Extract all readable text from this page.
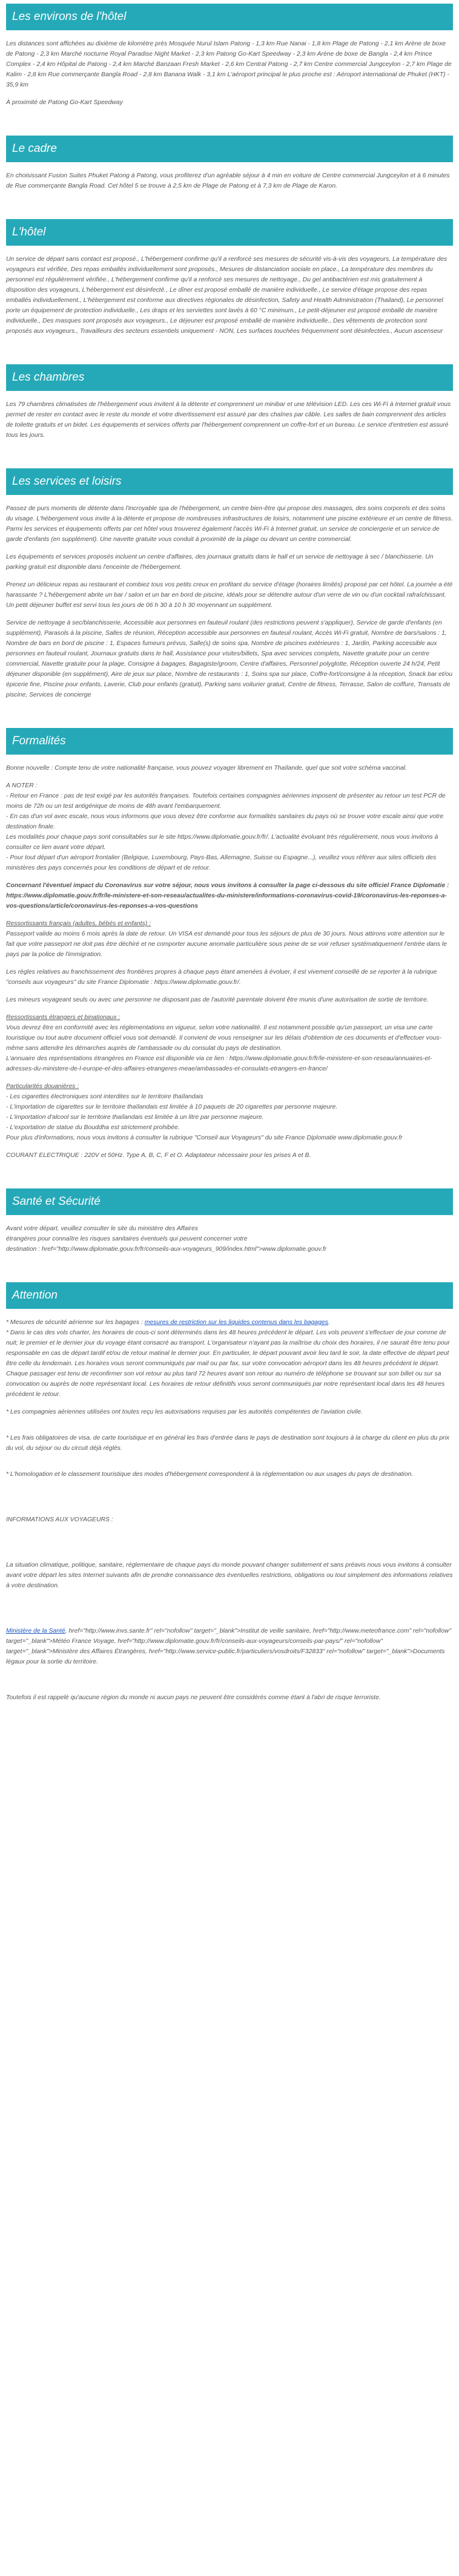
Les environs de l'hôtel

Les distances sont affichées au dixième de kilomètre près Mosquée Nurul Islam Patong - 1,3 km Rue Nanai - 1,8 km Plage de Patong - 2,1 km Arène de boxe de Patong - 2,3 km Marché nocturne Royal Paradise Night Market - 2,3 km Patong Go-Kart Speedway - 2,3 km Arène de boxe de Bangla - 2,4 km Prince Complex - 2,4 km Hôpital de Patong - 2,4 km Marché Banzaan Fresh Market - 2,6 km Central Patong - 2,7 km Centre commercial Jungceylon - 2,7 km Plage de Kalim - 2,8 km Rue commerçante Bangla Road - 2,8 km Banana Walk - 3,1 km L'aéroport principal le plus proche est : Aéroport international de Phuket (HKT) - 35,9 km

À proximité de Patong Go-Kart Speedway

Le cadre

En choisissant Fusion Suites Phuket Patong à Patong, vous profiterez d'un agréable séjour à 4 min en voiture de Centre commercial Jungceylon et à 6 minutes de Rue commerçante Bangla Road. Cet hôtel 5 se trouve à 2,5 km de Plage de Patong et à 7,3 km de Plage de Karon.

L'hôtel

Un service de départ sans contact est proposé., L'hébergement confirme qu'il a renforcé ses mesures de sécurité vis-à-vis des voyageurs, La température des voyageurs est vérifiée, Des repas emballés individuellement sont proposés., Mesures de distanciation sociale en place., La température des membres du personnel est régulièrement vérifiée., L'hébergement confirme qu'il a renforcé ses mesures de nettoyage., Du gel antibactérien est mis gratuitement à disposition des voyageurs, L'hébergement est désinfecté., Le dîner est proposé emballé de manière individuelle., Le service d'étage propose des repas emballés individuellement., L'hébergement est conforme aux directives régionales de désinfection, Safety and Health Administration (Thailand), Le personnel porte un équipement de protection individuelle., Les draps et les serviettes sont lavés à 60 °C minimum., Le petit-déjeuner est proposé emballé de manière individuelle., Des masques sont proposés aux voyageurs., Le déjeuner est proposé emballé de manière individuelle., Des vêtements de protection sont proposés aux voyageurs., Travailleurs des secteurs essentiels uniquement - NON, Les surfaces touchées fréquemment sont désinfectées., Aucun ascenseur

Les chambres

Les 79 chambres climatisées de l'hébergement vous invitent à la détente et comprennent un minibar et une télévision LED. Les ces Wi-Fi à Internet gratuit vous permet de rester en contact avec le reste du monde et votre divertissement est assuré par des chaînes par câble. Les salles de bain comprennent des articles de toilette gratuits et un bidet. Les équipements et services offerts par l'hébergement comprennent un coffre-fort et un bureau. Le service d'entretien est assuré tous les jours.

Les services et loisirs

Passez de purs moments de détente dans l'incroyable spa de l'hébergement, un centre bien-être qui propose des massages, des soins corporels et des soins du visage. L'hébergement vous invite à la détente et propose de nombreuses infrastructures de loisirs, notamment une piscine extérieure et un centre de fitness. Parmi les services et équipements offerts par cet hôtel vous trouverez également l'accès Wi-Fi à Internet gratuit, un service de conciergerie et un service de garde d'enfants (en supplément). Une navette gratuite vous conduit à proximité de la plage ou devant un centre commercial.

Les équipements et services proposés incluent un centre d'affaires, des journaux gratuits dans le hall et un service de nettoyage à sec / blanchisserie. Un parking gratuit est disponible dans l'enceinte de l'hébergement.

Prenez un délicieux repas au restaurant et combiez tous vos petits creux en profitant du service d'étage (horaires limités) proposé par cet hôtel. La journée a été harassante ? L'hébergement abrite un bar / salon et un bar en bord de piscine, idéals pour se détendre autour d'un verre de vin ou d'un cocktail rafraîchissant. Un petit déjeuner buffet est servi tous les jours de 06 h 30 à 10 h 30 moyennant un supplément.

Service de nettoyage à sec/blanchisserie, Accessible aux personnes en fauteuil roulant (des restrictions peuvent s'appliquer), Service de garde d'enfants (en supplément), Parasols à la piscine, Salles de réunion, Réception accessible aux personnes en fauteuil roulant, Accès Wi-Fi gratuit, Nombre de bars/salons : 1, Nombre de bars en bord de piscine : 1, Espaces fumeurs prévus, Salle(s) de soins spa, Nombre de piscines extérieures : 1, Jardin, Parking accessible aux personnes en fauteuil roulant, Journaux gratuits dans le hall, Assistance pour visites/billets, Spa avec services complets, Navette gratuite pour un centre commercial, Navette gratuite pour la plage, Consigne à bagages, Bagagiste/groom, Centre d'affaires, Personnel polyglotte, Réception ouverte 24 h/24, Petit déjeuner disponible (en supplément), Aire de jeux sur place, Nombre de restaurants : 1, Soins spa sur place, Coffre-fort/consigne à la réception, Snack bar et/ou épicerie fine, Piscine pour enfants, Laverie, Club pour enfants (gratuit), Parking sans voiturier gratuit, Centre de fitness, Terrasse, Salon de coiffure, Transats de piscine, Services de concierge

Formalités

Bonne nouvelle : Compte tenu de votre nationalité française, vous pouvez voyager librement en Thaïlande, quel que soit votre schéma vaccinal.

A NOTER :
- Retour en France : pas de test exigé par les autorités françaises. Toutefois certaines compagnies aériennes imposent de présenter au retour un test PCR de moins de 72h ou un test antigénique de moins de 48h avant l'embarquement.
- En cas d'un vol avec escale, nous vous informons que vous devez être conforme aux formalités sanitaires du pays où se trouve votre escale ainsi que votre destination finale.
Les modalités pour chaque pays sont consultables sur le site https://www.diplomatie.gouv.fr/fr/. L'actualité évoluant très régulièrement, nous vous invitons à consulter ce lien avant votre départ.
- Pour tout départ d'un aéroport frontalier (Belgique, Luxembourg, Pays-Bas, Allemagne, Suisse ou Espagne...), veuillez vous référer aux sites officiels des ministères des pays concernés pour les conditions de départ et de retour.

Concernant l'éventuel impact du Coronavirus sur votre séjour, nous vous invitons à consulter la page ci-dessous du site officiel France Diplomatie : https://www.diplomatie.gouv.fr/fr/le-ministere-et-son-reseau/actualites-du-ministere/informations-coronavirus-covid-19/coronavirus-les-reponses-a-vos-questions/article/coronavirus-les-reponses-a-vos-questions

Ressortissants français (adultes, bébés et enfants) :
Passeport valide au moins 6 mois après la date de retour. Un VISA est demandé pour tous les séjours de plus de 30 jours. Nous attirons votre attention sur le fait que votre passeport ne doit pas être déchiré et ne comporter aucune anomalie particulière sous peine de se voir refuser systématiquement l'entrée dans le pays par la police de l'immigration.

Les règles relatives au franchissement des frontières propres à chaque pays étant amenées à évoluer, il est vivement conseillé de se reporter à la rubrique "conseils aux voyageurs" du site France Diplomatie : https://www.diplomatie.gouv.fr/.

Les mineurs voyageant seuls ou avec une personne ne disposant pas de l'autorité parentale doivent être munis d'une autorisation de sortie de territoire.

Ressortissants étrangers et binationaux :
Vous devrez être en conformité avec les réglementations en vigueur, selon votre nationalité. Il est notamment possible qu'un passeport, un visa une carte touristique ou tout autre document officiel vous soit demandé. Il convient de vous renseigner sur les délais d'obtention de ces documents et d'effectuer vous-même sans attendre les démarches auprès de l'ambassade ou du consulat du pays de destination.
L'annuaire des représentations étrangères en France est disponible via ce lien : https://www.diplomatie.gouv.fr/fr/le-ministere-et-son-reseau/annuaires-et-adresses-du-ministere-de-l-europe-et-des-affaires-etrangeres-meae/ambassades-et-consulats-etrangers-en-france/

Particularités douanières :
- Les cigarettes électroniques sont interdites sur le territoire thaïlandais
- L'importation de cigarettes sur le territoire thaïlandais est limitée à 10 paquets de 20 cigarettes par personne majeure.
- L'importation d'alcool sur le territoire thaïlandais est limitée à un litre par personne majeure.
- L'exportation de statue du Bouddha est strictement prohibée.
Pour plus d'informations, nous vous invitons à consulter la rubrique "Conseil aux Voyageurs" du site France Diplomatie www.diplomatie.gouv.fr

COURANT ELECTRIQUE : 220V et 50Hz. Type A, B, C, F et O. Adaptateur nécessaire pour les prises A et B.

Santé et Sécurité

Avant votre départ, veuillez consulter le site du ministère des Affaires
étrangères pour connaître les risques sanitaires éventuels qui peuvent concerner votre
destination : href="http://www.diplomatie.gouv.fr/fr/conseils-aux-voyageurs_909/index.html">www.diplomatie.gouv.fr

Attention

* Mesures de sécurité aérienne sur les bagages : mesures de restriction sur les liquides contenus dans les bagages.

* Dans le cas des vols charter, les horaires de cous-ci sont déterminés dans les 48 heures précédent le départ. Les vols peuvent s'effectuer de jour comme de nuit; le premier et le dernier jour du voyage étant consacré au transport. L'organisateur n'ayant pas la maîtrise du choix des horaires, il ne saurait être tenu pour responsable en cas de départ tardif et/ou de retour matinal le dernier jour. En particulier, le départ pouvant avoir lieu tard le soir, la date effective de départ peut être celle du lendemain. Les horaires vous seront communiqués par mail ou par fax, sur votre convocation aéroport dans les 48 heures précédent le départ. Chaque passager est tenu de reconfirmer son vol retour au plus tard 72 heures avant son retour au numéro de téléphone se trouvant sur son billet ou sur sa convocation ou auprès de notre représentant local. Les horaires de retour définitifs vous seront communiqués par notre représentant local dans les 48 heures précédent le retour.

* Les compagnies aériennes utilisées ont toutes reçu les autorisations requises par les autorités compétentes de l'aviation civile.

* Les frais obligatoires de visa, de carte touristique et en général les frais d'entrée dans le pays de destination sont toujours à la charge du client en plus du prix du vol, du séjour ou du circuit déjà réglés.

* L'homologation et le classement touristique des modes d'hébergement correspondent à la réglementation ou aux usages du pays de destination.

INFORMATIONS AUX VOYAGEURS :

La situation climatique, politique, sanitaire, réglementaire de chaque pays du monde pouvant changer subitement et sans préavis nous vous invitons à consulter avant votre départ les sites Internet suivants afin de prendre connaissance des éventuelles restrictions, obligations ou tout simplement des informations relatives à votre destination.

Ministère de la Santé, href="http://www.invs.sante.fr" rel="nofollow" target="_blank">Institut de veille sanitaire, href="http://www.meteofrance.com" rel="nofollow" target="_blank">Météo France Voyage, href="http://www.diplomatie.gouv.fr/fr/conseils-aux-voyageurs/conseils-par-pays/" rel="nofollow" target="_blank">Ministère des Affaires Étrangères, href="http://www.service-public.fr/particuliers/vosdroits/F32833" rel="nofollow" target="_blank">Documents légaux pour la sortie du territoire.

Toutefois il est rappelé qu'aucune région du monde ni aucun pays ne peuvent être considérés comme étant à l'abri de risque terroriste.
